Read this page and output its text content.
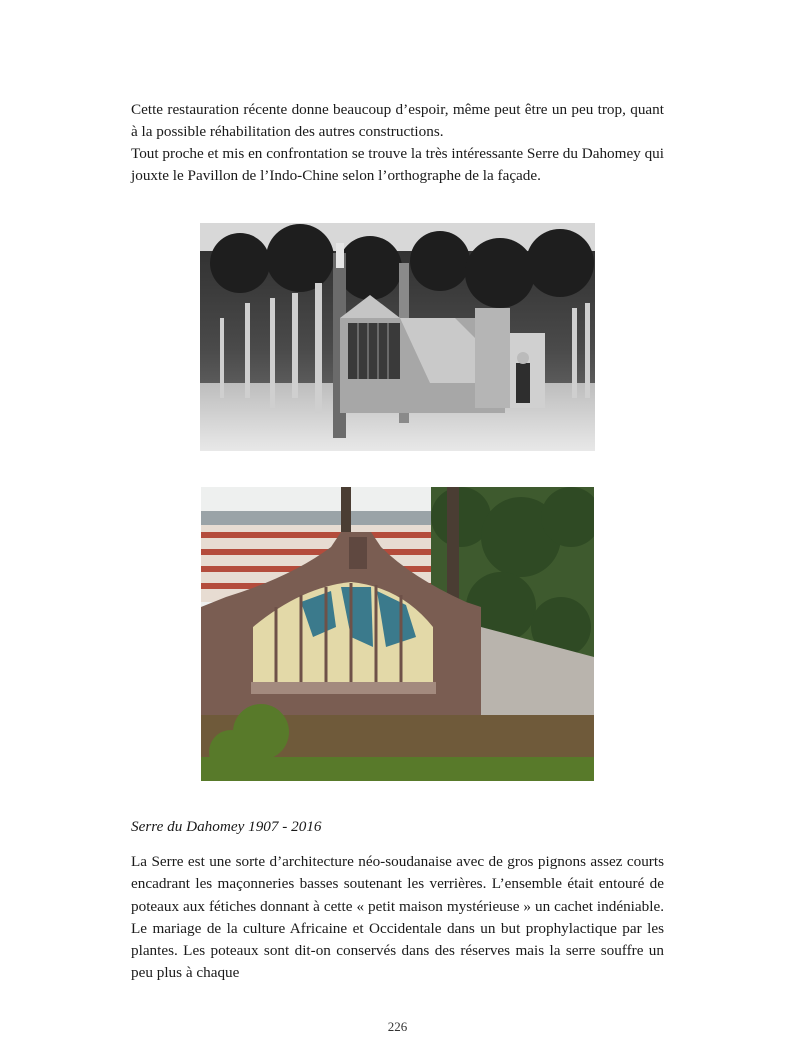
Cette restauration récente donne beaucoup d’espoir, même peut être un peu trop, quant à la possible réhabilitation des autres constructions.

Tout proche et mis en confrontation se trouve la très intéressante Serre du Dahomey qui jouxte le Pavillon de l’Indo-Chine selon l’orthographe de la façade.

Serre du Dahomey 1907 - 2016

La Serre est une sorte d’architecture néo-soudanaise avec de gros pignons assez courts encadrant les maçonneries basses soutenant les verrières. L’ensemble était entouré de poteaux aux fétiches donnant à cette « petit maison mystérieuse » un cachet indéniable. Le mariage de la culture Africaine et Occidentale dans un but prophylactique par les plantes. Les poteaux sont dit-on conservés dans des réserves mais la serre souffre un peu plus à chaque

226
